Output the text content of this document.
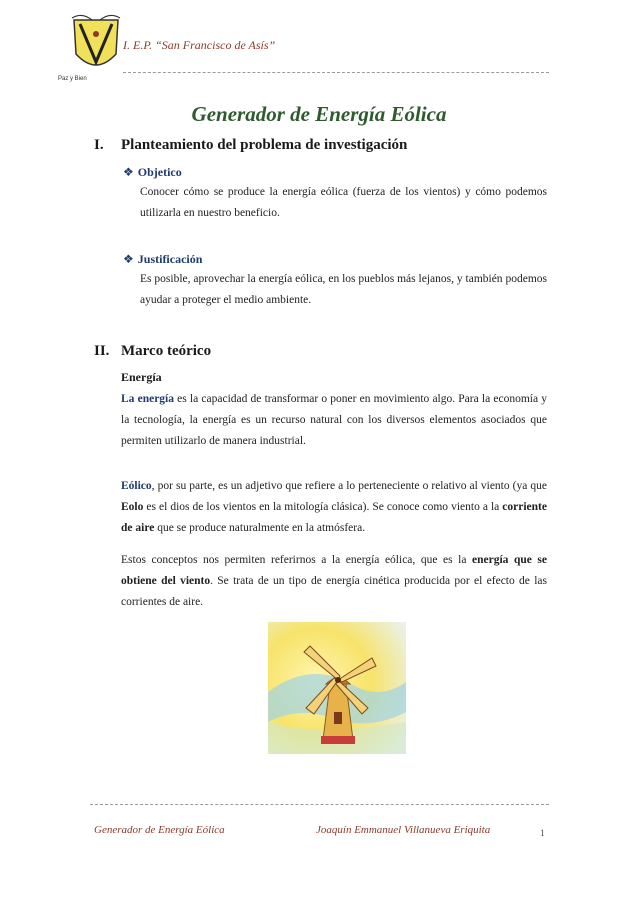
Paz y Bien
I. E.P. “San Francisco de Asís”
Generador de Energía Eólica
I. Planteamiento del problema de investigación
❖ Objetico
Conocer cómo se produce la energía eólica (fuerza de los vientos) y cómo podemos utilizarla en nuestro beneficio.
❖ Justificación
Es posible, aprovechar la energía eólica, en los pueblos más lejanos, y también podemos ayudar a proteger el medio ambiente.
II. Marco teórico
Energía
La energía es la capacidad de transformar o poner en movimiento algo. Para la economía y la tecnología, la energía es un recurso natural con los diversos elementos asociados que permiten utilizarlo de manera industrial.
Eólico, por su parte, es un adjetivo que refiere a lo perteneciente o relativo al viento (ya que Eolo es el dios de los vientos en la mitología clásica). Se conoce como viento a la corriente de aire que se produce naturalmente en la atmósfera.
Estos conceptos nos permiten referirnos a la energía eólica, que es la energía que se obtiene del viento. Se trata de un tipo de energía cinética producida por el efecto de las corrientes de aire.
Generador de Energía Eólica	Joaquín Emmanuel Villanueva Eriquita	1
